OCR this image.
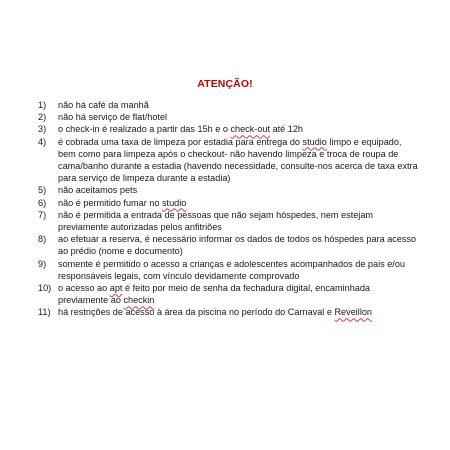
ATENÇÃO!
1)	não há café da manhã
2)	não há serviço de flat/hotel
3)	o check-in é realizado a partir das 15h e o check-out até 12h
4)	é cobrada uma taxa de limpeza por estadia para entrega do studio limpo e equipado, bem como para limpeza após o checkout- não havendo limpeza e troca de roupa de cama/banho durante a estadia (havendo necessidade, consulte-nos acerca de taxa extra para serviço de limpeza durante a estadia)
5)	não aceitamos pets
6)	não é permitido fumar no studio
7)	não é permitida a entrada de pessoas que não sejam hóspedes, nem estejam previamente autorizadas pelos anfitriões
8)	ao efetuar a reserva, é necessário informar os dados de todos os hóspedes para acesso ao prédio (nome e documento)
9)	somente é permitido o acesso a crianças e adolescentes acompanhados de pais e/ou responsáveis legais, com vínculo devidamente comprovado
10) o acesso ao apt é feito por meio de senha da fechadura digital, encaminhada previamente ao checkin
11) há restrições de acesso à área da piscina no período do Carnaval e Reveillon
